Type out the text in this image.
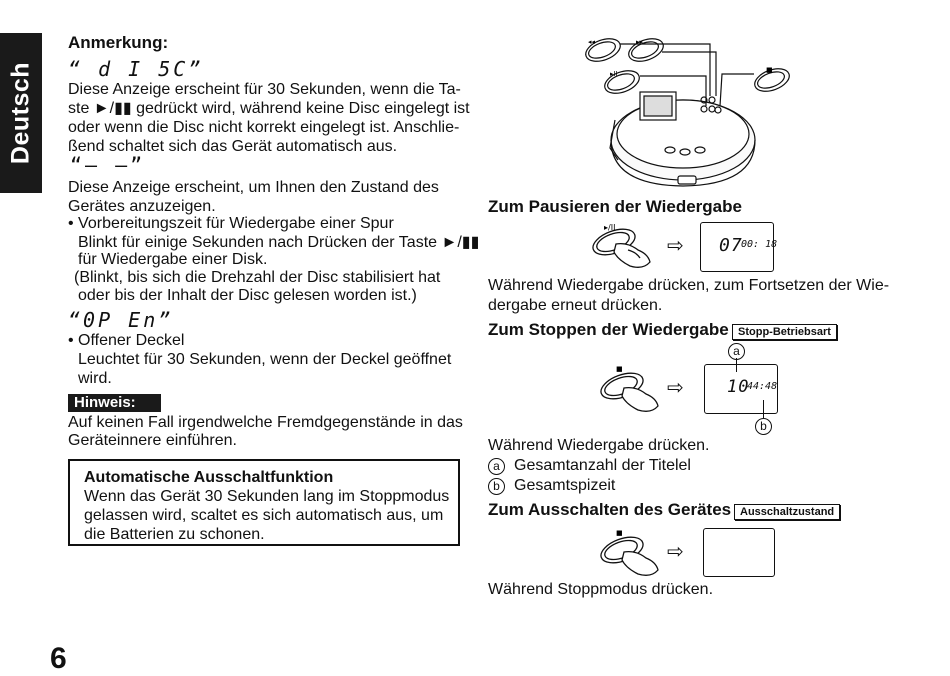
Deutsch
Anmerkung:
“ d I 5C”
Diese Anzeige erscheint für 30 Sekunden, wenn die Ta-
ste ►/▮▮ gedrückt wird, während keine Disc eingelegt ist
oder wenn die Disc nicht korrekt eingelegt ist. Anschlie-
ßend schaltet sich das Gerät automatisch aus.
“– –”
Diese Anzeige erscheint, um Ihnen den Zustand des
Gerätes anzuzeigen.
• Vorbereitungszeit für Wiedergabe einer Spur
Blinkt für einige Sekunden nach Drücken der Taste ►/▮▮
für Wiedergabe einer Disk.
(Blinkt, bis sich die Drehzahl der Disc stabilisiert hat
oder bis der Inhalt der Disc gelesen worden ist.)
“0P En”
• Offener Deckel
Leuchtet für 30 Sekunden, wenn der Deckel geöffnet
wird.
Hinweis:
Auf keinen Fall irgendwelche Fremdgegenstände in das
Geräteinnere einführen.
Automatische Ausschaltfunktion
Wenn das Gerät 30 Sekunden lang im Stoppmodus
gelassen wird, scaltet es sich automatisch aus, um
die Batterien zu schonen.
◂◂	▸▸
▸II	■
Zum Pausieren der Wiedergabe
▸/II
⇨ 07
00: 18
Während Wiedergabe drücken, zum Fortsetzen der Wie-
dergabe erneut drücken.
Zum Stoppen der Wiedergabe Stopp-Betriebsart
■
⇨	10
44:48
a
b
Während Wiedergabe drücken.
a Gesamtanzahl der Titelel
b Gesamtspizeit
Zum Ausschalten des Gerätes Ausschaltzustand
■
⇨
Während Stoppmodus drücken.
6
